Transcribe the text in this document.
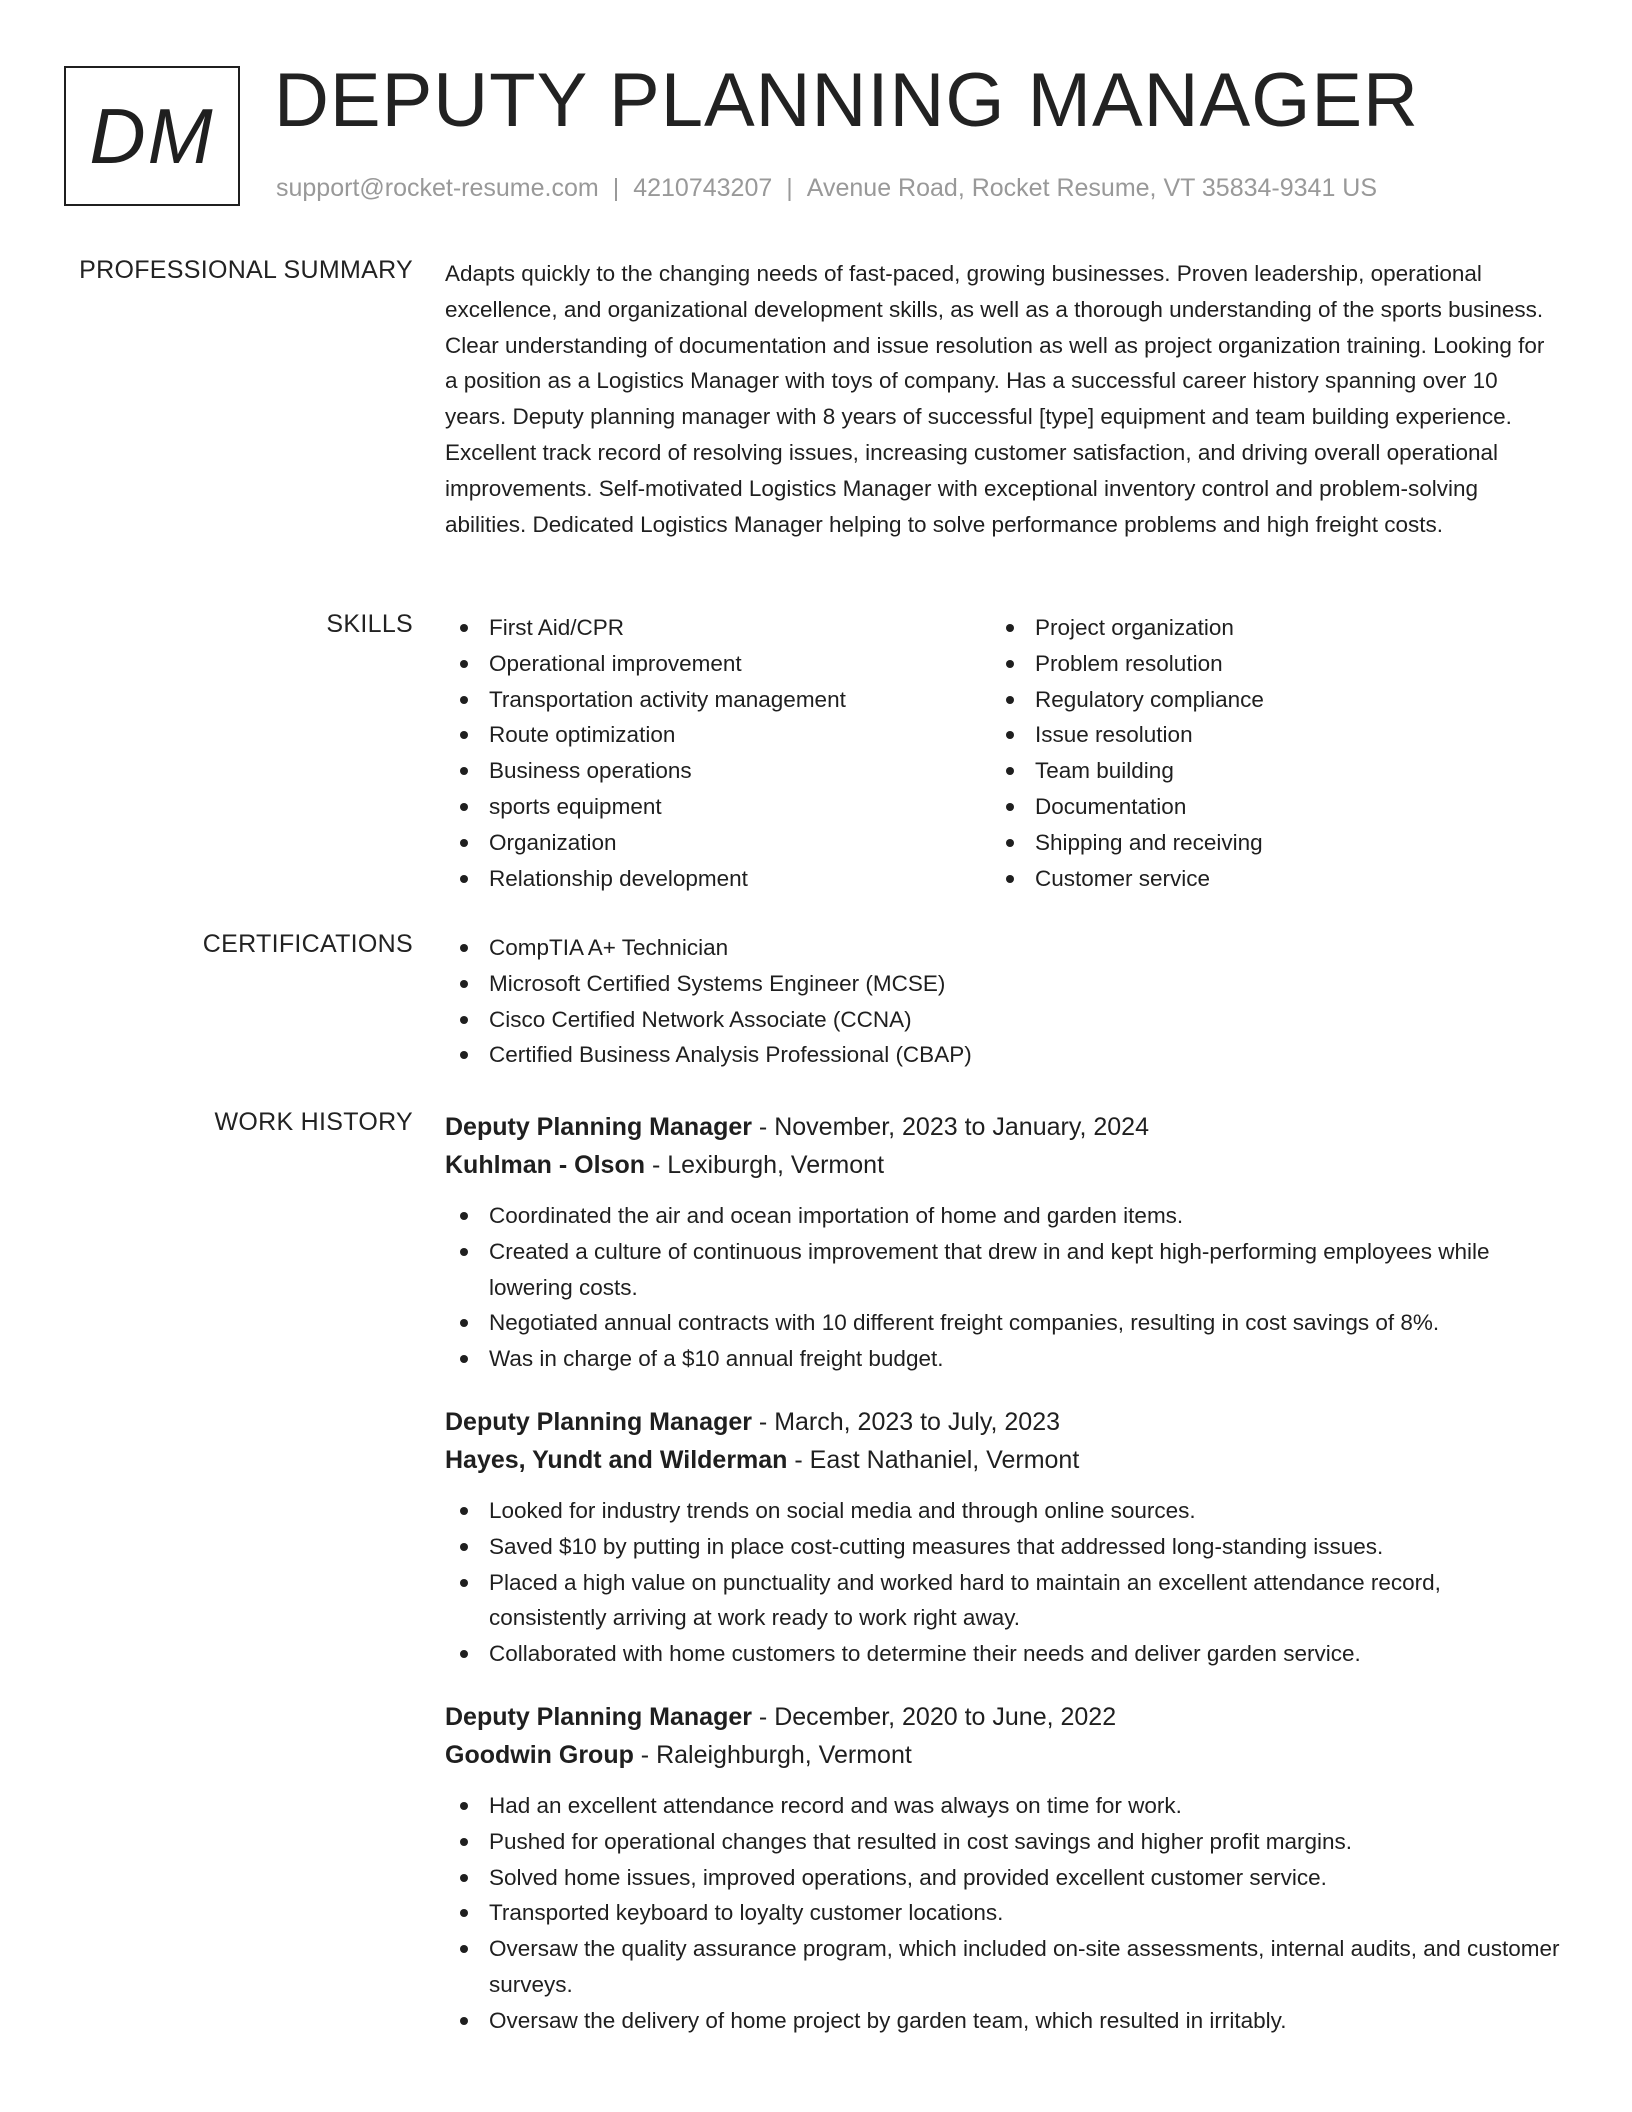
DM DEPUTY PLANNING MANAGER
support@rocket-resume.com | 4210743207 | Avenue Road, Rocket Resume, VT 35834-9341 US
PROFESSIONAL SUMMARY Adapts quickly to the changing needs of fast-paced, growing businesses. Proven leadership, operational excellence, and organizational development skills, as well as a thorough understanding of the sports business. Clear understanding of documentation and issue resolution as well as project organization training. Looking for a position as a Logistics Manager with toys of company. Has a successful career history spanning over 10 years. Deputy planning manager with 8 years of successful [type] equipment and team building experience. Excellent track record of resolving issues, increasing customer satisfaction, and driving overall operational improvements. Self-motivated Logistics Manager with exceptional inventory control and problem-solving abilities. Dedicated Logistics Manager helping to solve performance problems and high freight costs.
SKILLS	First Aid/CPR
Operational improvement
Transportation activity management
Route optimization
Business operations
sports equipment
Organization
Relationship development
Project organization
Problem resolution
Regulatory compliance
Issue resolution
Team building
Documentation
Shipping and receiving
Customer service
CERTIFICATIONS	CompTIA A+ Technician
Microsoft Certified Systems Engineer (MCSE)
Cisco Certified Network Associate (CCNA)
Certified Business Analysis Professional (CBAP)
WORK HISTORY Deputy Planning Manager - November, 2023 to January, 2024
Kuhlman - Olson - Lexiburgh, Vermont
Coordinated the air and ocean importation of home and garden items.
Created a culture of continuous improvement that drew in and kept high-performing employees while lowering costs.
Negotiated annual contracts with 10 different freight companies, resulting in cost savings of 8%.
Was in charge of a $10 annual freight budget.
Deputy Planning Manager - March, 2023 to July, 2023
Hayes, Yundt and Wilderman - East Nathaniel, Vermont
Looked for industry trends on social media and through online sources.
Saved $10 by putting in place cost-cutting measures that addressed long-standing issues.
Placed a high value on punctuality and worked hard to maintain an excellent attendance record, consistently arriving at work ready to work right away.
Collaborated with home customers to determine their needs and deliver garden service.
Deputy Planning Manager - December, 2020 to June, 2022
Goodwin Group - Raleighburgh, Vermont
Had an excellent attendance record and was always on time for work.
Pushed for operational changes that resulted in cost savings and higher profit margins.
Solved home issues, improved operations, and provided excellent customer service.
Transported keyboard to loyalty customer locations.
Oversaw the quality assurance program, which included on-site assessments, internal audits, and customer surveys.
Oversaw the delivery of home project by garden team, which resulted in irritably.
